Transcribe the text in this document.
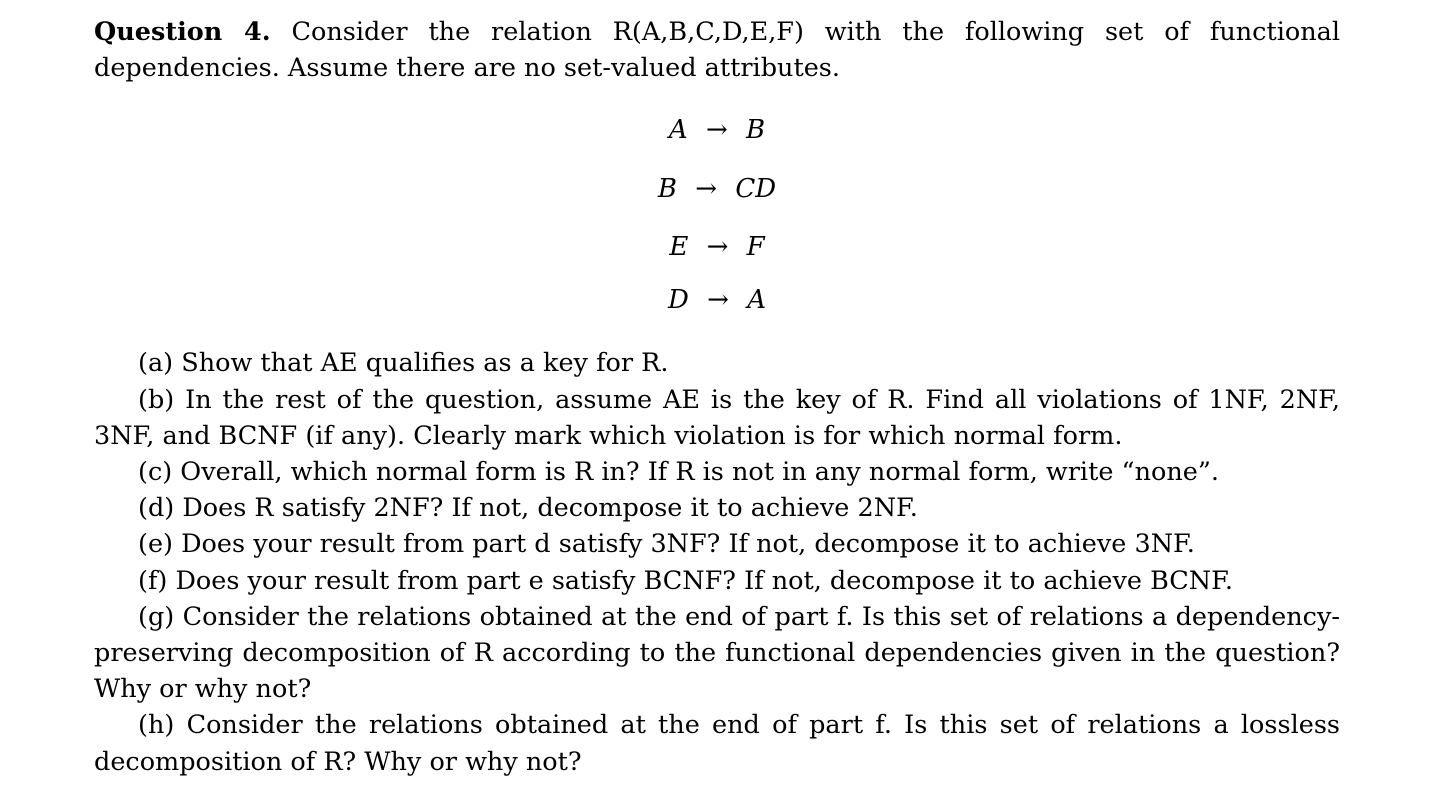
Question 4. Consider the relation R(A,B,C,D,E,F) with the following set of functional dependencies. Assume there are no set-valued attributes.

A → B
B → CD
E → F
D → A

(a) Show that AE qualifies as a key for R.

(b) In the rest of the question, assume AE is the key of R. Find all violations of 1NF, 2NF, 3NF, and BCNF (if any). Clearly mark which violation is for which normal form.

(c) Overall, which normal form is R in? If R is not in any normal form, write “none”.

(d) Does R satisfy 2NF? If not, decompose it to achieve 2NF.

(e) Does your result from part d satisfy 3NF? If not, decompose it to achieve 3NF.

(f) Does your result from part e satisfy BCNF? If not, decompose it to achieve BCNF.

(g) Consider the relations obtained at the end of part f. Is this set of relations a dependency-preserving decomposition of R according to the functional dependencies given in the question? Why or why not?

(h) Consider the relations obtained at the end of part f. Is this set of relations a lossless decomposition of R? Why or why not?
